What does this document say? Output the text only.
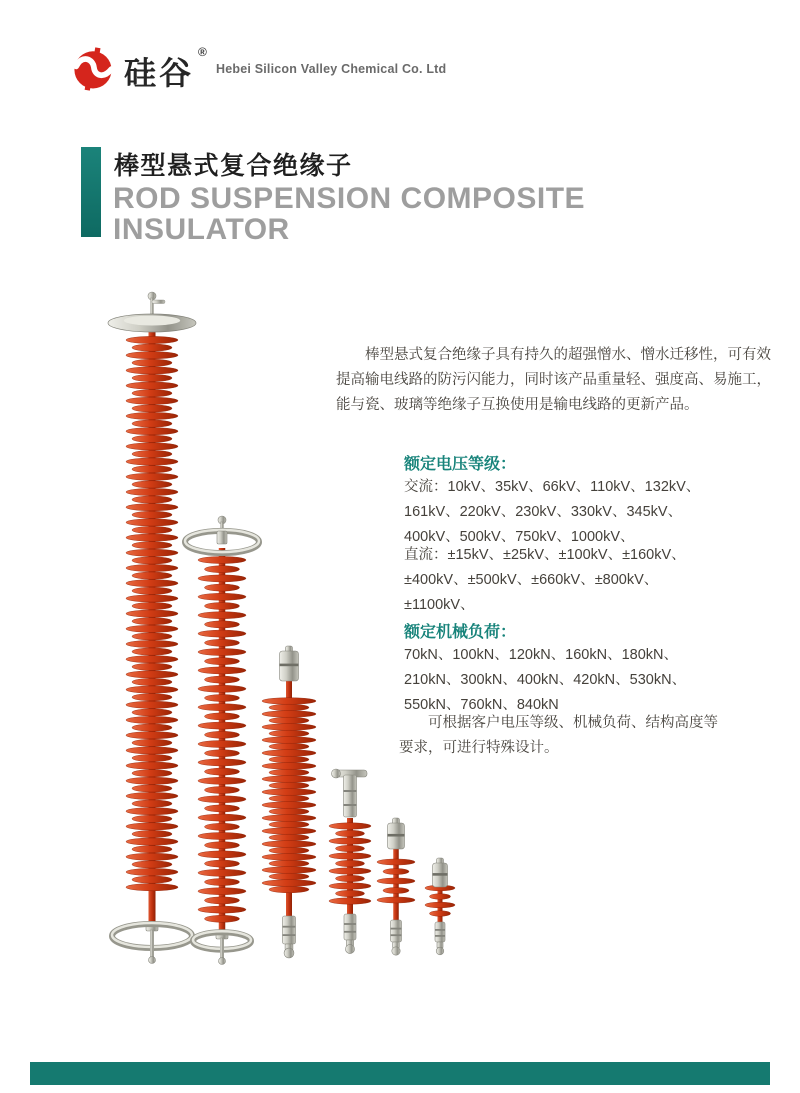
硅谷
®
Hebei Silicon Valley Chemical Co. Ltd
棒型悬式复合绝缘子
ROD SUSPENSION COMPOSITE
INSULATOR
棒型悬式复合绝缘子具有持久的超强憎水、憎水迁移性，可有效
提高输电线路的防污闪能力，同时该产品重量轻、强度高、易施工，
能与瓷、玻璃等绝缘子互换使用是输电线路的更新产品。
额定电压等级：
交流：10kV、35kV、66kV、110kV、132kV、
161kV、220kV、230kV、330kV、345kV、
400kV、500kV、750kV、1000kV、
直流：±15kV、±25kV、±100kV、±160kV、
±400kV、±500kV、±660kV、±800kV、
±1100kV、
额定机械负荷：
70kN、100kN、120kN、160kN、180kN、
210kN、300kN、400kN、420kN、530kN、
550kN、760kN、840kN
可根据客户电压等级、机械负荷、结构高度等
要求，可进行特殊设计。
